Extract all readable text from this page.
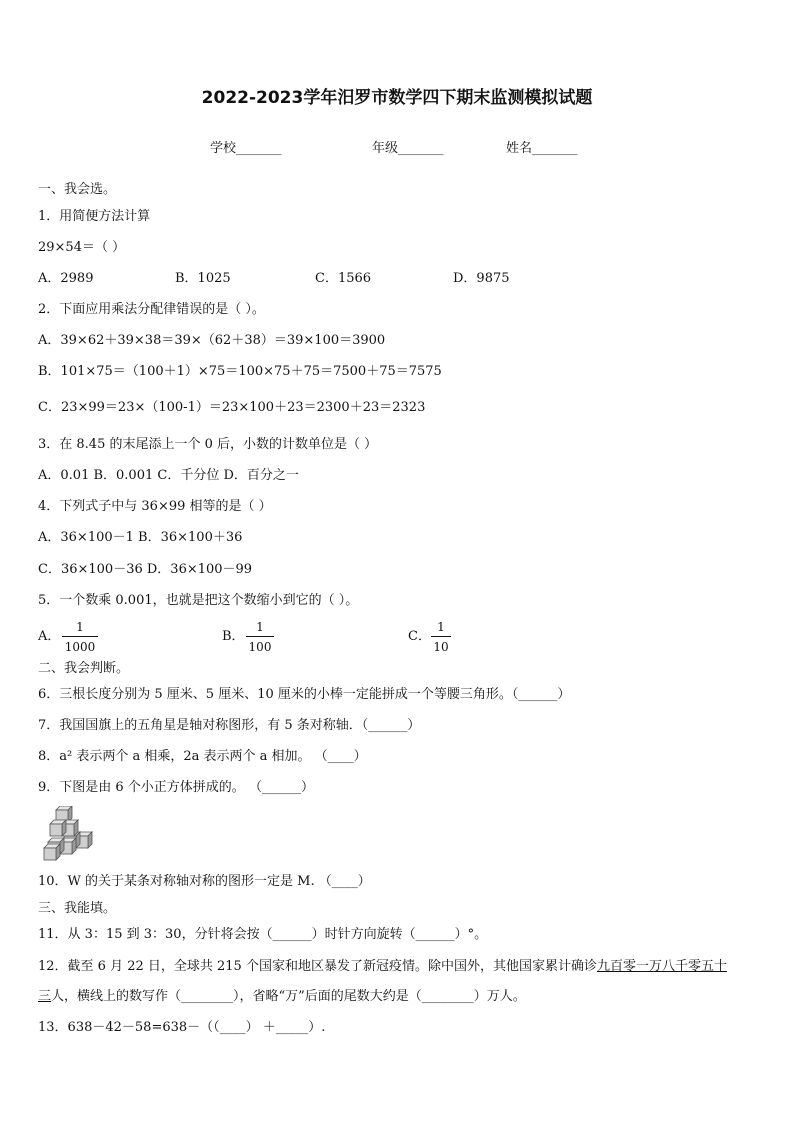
2022-2023学年汨罗市数学四下期末监测模拟试题
学校_______	年级_______	姓名_______
一、我会选。
1．用简便方法计算
29×54＝（ ）
A．2989	B．1025	C．1566	D．9875
2．下面应用乘法分配律错误的是（ ）。
A．39×62＋39×38＝39×（62＋38）＝39×100＝3900
B．101×75＝（100＋1）×75＝100×75＋75＝7500＋75＝7575
C．23×99＝23×（100-1）＝23×100＋23＝2300＋23＝2323
3．在 8.45 的末尾添上一个 0 后，小数的计数单位是（ ）
A．0.01 B．0.001 C．千分位 D．百分之一
4．下列式子中与 36×99 相等的是（ ）
A．36×100－1 B．36×100＋36
C．36×100－36 D．36×100－99
5．一个数乘 0.001，也就是把这个数缩小到它的（ ）。
A． $\frac{1}{1000}$	B． $\frac{1}{100}$	C． $\frac{1}{10}$
二、我会判断。
6．三根长度分别为 5 厘米、5 厘米、10 厘米的小棒一定能拼成一个等腰三角形。（______）
7．我国国旗上的五角星是轴对称图形，有 5 条对称轴．（______）
8．a² 表示两个 a 相乘，2a 表示两个 a 相加。 （____）
9．下图是由 6 个小正方体拼成的。 （______）
10．W 的关于某条对称轴对称的图形一定是 M. （____）
三、我能填。
11．从 3：15 到 3：30，分针将会按（______）时针方向旋转（______）°。
12．截至 6 月 22 日，全球共 215 个国家和地区暴发了新冠疫情。除中国外，其他国家累计确诊九百零一万八千零五十
三人，横线上的数写作（________），省略“万”后面的尾数大约是（________）万人。
13．638－42－58=638－（（____） ＋_____）.
